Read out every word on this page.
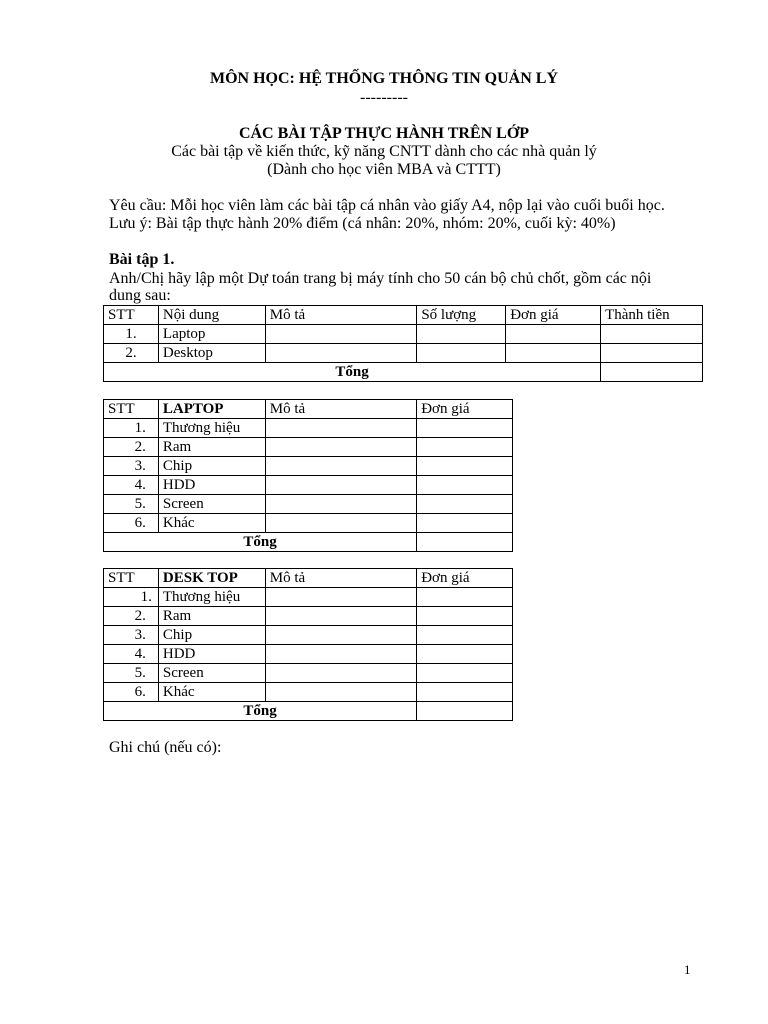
MÔN HỌC: HỆ THỐNG THÔNG TIN QUẢN LÝ
---------
CÁC BÀI TẬP THỰC HÀNH TRÊN LỚP
Các bài tập về kiến thức, kỹ năng CNTT dành cho các nhà quản lý
(Dành cho học viên MBA và CTTT)
Yêu cầu: Mỗi học viên làm các bài tập cá nhân vào giấy A4, nộp lại vào cuối buổi học.
Lưu ý: Bài tập thực hành 20% điểm (cá nhân: 20%, nhóm: 20%, cuối kỳ: 40%)
Bài tập 1.
Anh/Chị hãy lập một Dự toán trang bị máy tính cho 50 cán bộ chủ chốt, gồm các nội
dung sau:
STT	Nội dung	Mô tả	Số lượng	Đơn giá	Thành tiền
1.	Laptop				
2.	Desktop				
Tổng					
STT	LAPTOP	Mô tả	Đơn giá
1.	Thương hiệu		
2.	Ram		
3.	Chip		
4.	HDD		
5.	Screen		
6.	Khác		
Tổng			
STT	DESK TOP	Mô tả	Đơn giá
1.	Thương hiệu		
2.	Ram		
3.	Chip		
4.	HDD		
5.	Screen		
6.	Khác		
Tổng			
Ghi chú (nếu có):
1
